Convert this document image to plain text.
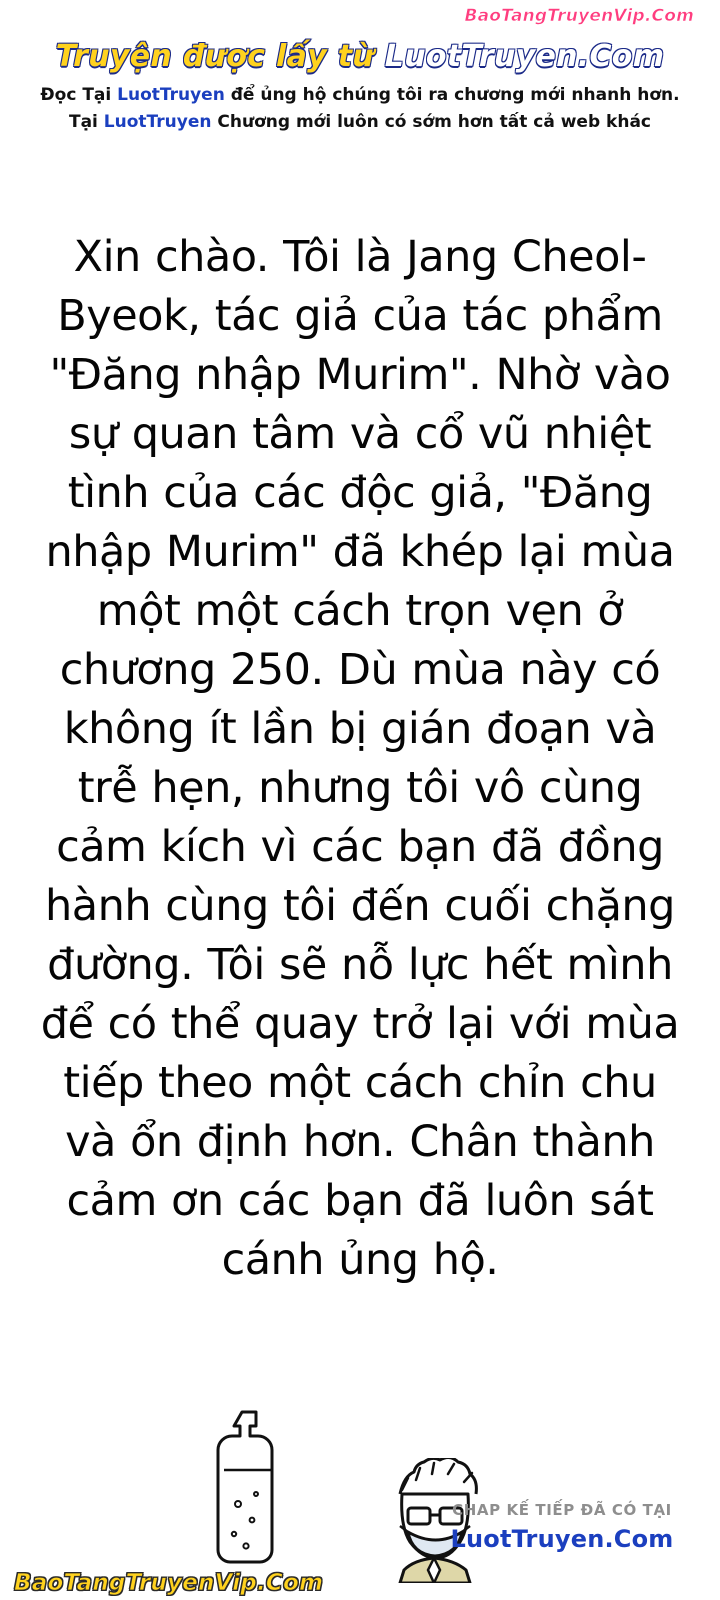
BaoTangTruyenVip.Com
Truyện được lấy từ LuotTruyen.Com
Đọc Tại LuotTruyen để ủng hộ chúng tôi ra chương mới nhanh hơn.
Tại LuotTruyen Chương mới luôn có sớm hơn tất cả web khác
Xin chào. Tôi là Jang Cheol-Byeok, tác giả của tác phẩm "Đăng nhập Murim". Nhờ vào sự quan tâm và cổ vũ nhiệt tình của các độc giả, "Đăng nhập Murim" đã khép lại mùa một một cách trọn vẹn ở chương 250. Dù mùa này có không ít lần bị gián đoạn và trễ hẹn, nhưng tôi vô cùng cảm kích vì các bạn đã đồng hành cùng tôi đến cuối chặng đường. Tôi sẽ nỗ lực hết mình để có thể quay trở lại với mùa tiếp theo một cách chỉn chu và ổn định hơn. Chân thành cảm ơn các bạn đã luôn sát cánh ủng hộ.
CHAP KẾ TIẾP ĐÃ CÓ TẠI
LuotTruyen.Com
BaoTangTruyenVip.Com
